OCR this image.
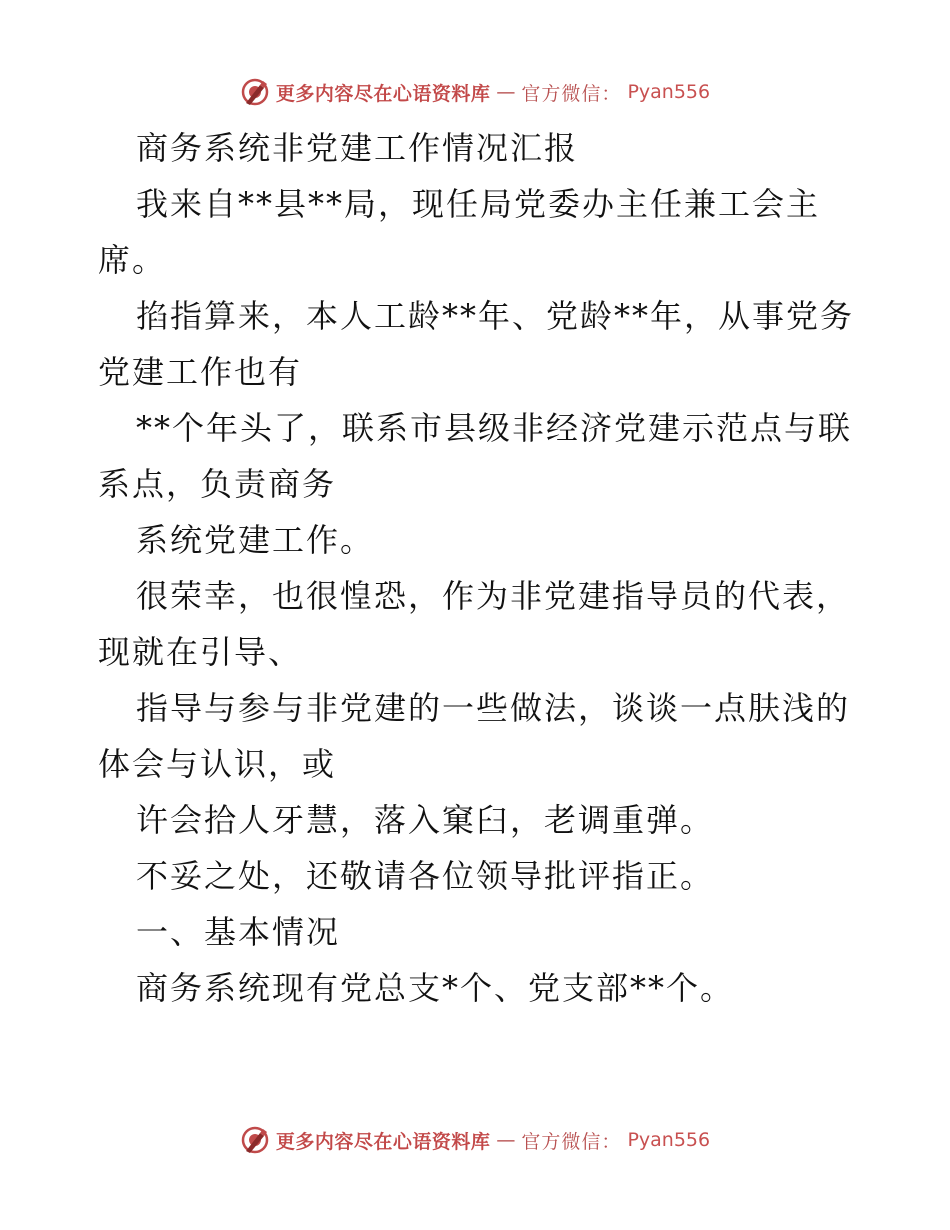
更多内容尽在心语资料库 — 官方微信： Pyan556

商务系统非党建工作情况汇报

我来自**县**局，现任局党委办主任兼工会主席。

掐指算来，本人工龄**年、党龄**年，从事党务党建工作也有

**个年头了，联系市县级非经济党建示范点与联系点，负责商务

系统党建工作。

很荣幸，也很惶恐，作为非党建指导员的代表，现就在引导、

指导与参与非党建的一些做法，谈谈一点肤浅的体会与认识，或

许会拾人牙慧，落入窠臼，老调重弹。

不妥之处，还敬请各位领导批评指正。

一、基本情况

商务系统现有党总支*个、党支部**个。

更多内容尽在心语资料库 — 官方微信： Pyan556
